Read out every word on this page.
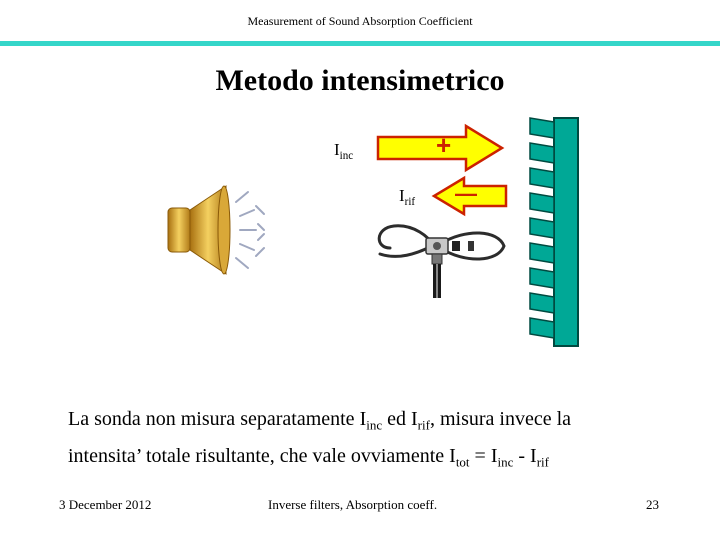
Measurement of Sound Absorption Coefficient
Metodo intensimetrico
+
—
$I_{inc}$
$I_{rif}$
La sonda non misura separatamente $I_{inc}$ ed $I_{rif}$, misura invece la
intensita’ totale risultante, che vale ovviamente $I_{tot} = I_{inc} - I_{rif}$
3 December 2012	Inverse filters, Absorption coeff.	23
